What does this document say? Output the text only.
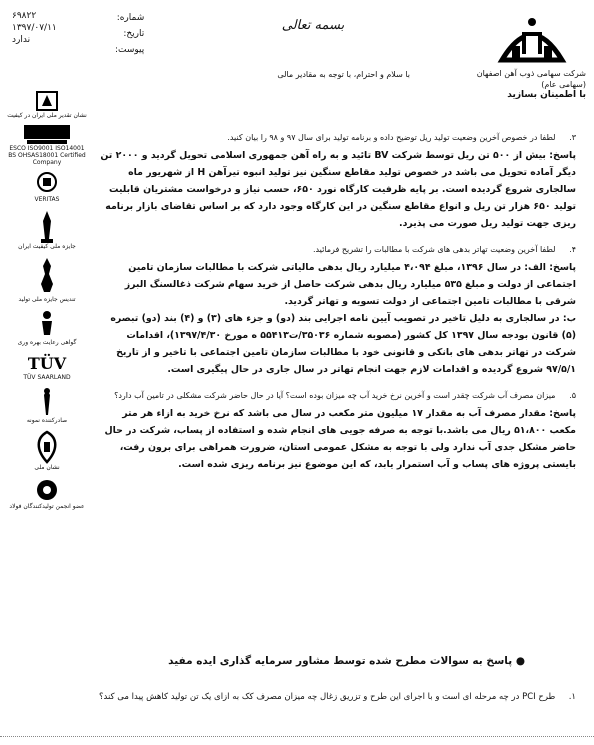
شرکت سهامی ذوب آهن اصفهان (سهامی عام)
با اطمینان بسازید
بسمه تعالی
شماره:
تاریخ:
پیوست:
۶۹۸۲۲
۱۳۹۷/۰۷/۱۱
ندارد
با سلام و احترام، با توجه به مقادیر مالی
نشان تقدیر ملی ایران در کیفیت
ESCO ISO9001 ISO14001 BS OHSAS18001 Certified Company
VERITAS
جایزه ملی کیفیت ایران
تندیس جایزه ملی تولید
گواهی رعایت بهره وری
TÜV
TÜV SAARLAND
صادرکننده نمونه
نشان ملی
عضو انجمن تولیدکنندگان فولاد

۳. لطفا در خصوص آخرین وضعیت تولید ریل توضیح داده و برنامه تولید برای سال ۹۷ و ۹۸ را بیان کنید.

پاسخ: بیش از ۵۰۰ تن ریل توسط شرکت BV تائید و به راه آهن جمهوری اسلامی تحویل گردید و ۲۰۰۰ تن دیگر آماده تحویل می باشد در خصوص تولید مقاطع سنگین نیز تولید انبوه تیرآهن H از شهریور ماه سالجاری شروع گردیده است. بر پایه ظرفیت کارگاه نورد ۶۵۰، حسب نیاز و درخواست مشتریان قابلیت تولید ۶۵۰ هزار تن ریل و انواع مقاطع سنگین در این کارگاه وجود دارد که بر اساس تقاضای بازار برنامه ریزی جهت تولید ریل صورت می پذیرد.

۴. لطفا آخرین وضعیت تهاتر بدهی های شرکت با مطالبات را تشریح فرمائید.

پاسخ: الف: در سال ۱۳۹۶، مبلغ ۴،۰۹۴ میلیارد ریال بدهی مالیاتی شرکت با مطالبات سازمان تامین اجتماعی از دولت و مبلغ ۵۳۵ میلیارد ریال بدهی شرکت حاصل از خرید سهام شرکت ذغالسنگ البرز شرقی با مطالبات تامین اجتماعی از دولت تسویه و تهاتر گردید.

ب: در سالجاری به دلیل تاخیر در تصویب آیین نامه اجرایی بند (دو) و جزء های (۳) و (۴) بند (دو) تبصره (۵) قانون بودجه سال ۱۳۹۷ کل کشور (مصوبه شماره ۳۵۰۳۶/ت۵۵۴۱۳ ه مورخ ۱۳۹۷/۴/۳۰)، اقدامات شرکت در تهاتر بدهی های بانکی و قانونی خود با مطالبات سازمان تامین اجتماعی با تاخیر و از تاریخ ۹۷/۵/۱ شروع گردیده و اقدامات لازم جهت انجام تهاتر در سال جاری در حال پیگیری است.

۵. میزان مصرف آب شرکت چقدر است و آخرین نرخ خرید آب چه میزان بوده است؟ آیا در حال حاضر شرکت مشکلی در تامین آب دارد؟

پاسخ: مقدار مصرف آب به مقدار ۱۷ میلیون متر مکعب در سال می باشد که نرخ خرید به ازاء هر متر مکعب ۵۱،۸۰۰ ریال می باشد.با توجه به صرفه جویی های انجام شده و استفاده از پساب، شرکت در حال حاضر مشکل جدی آب ندارد ولی با توجه به مشکل عمومی استان، ضرورت همراهی برای برون رفت، بایستی پروژه های پساب و آب استمرار یابد، که این موضوع نیز برنامه ریزی شده است.

● پاسخ به سوالات مطرح شده توسط مشاور سرمایه گذاری ایده مفید

۱. طرح PCI در چه مرحله ای است و با اجرای این طرح و تزریق زغال چه میزان مصرف کک به ازای یک تن تولید کاهش پیدا می کند؟
